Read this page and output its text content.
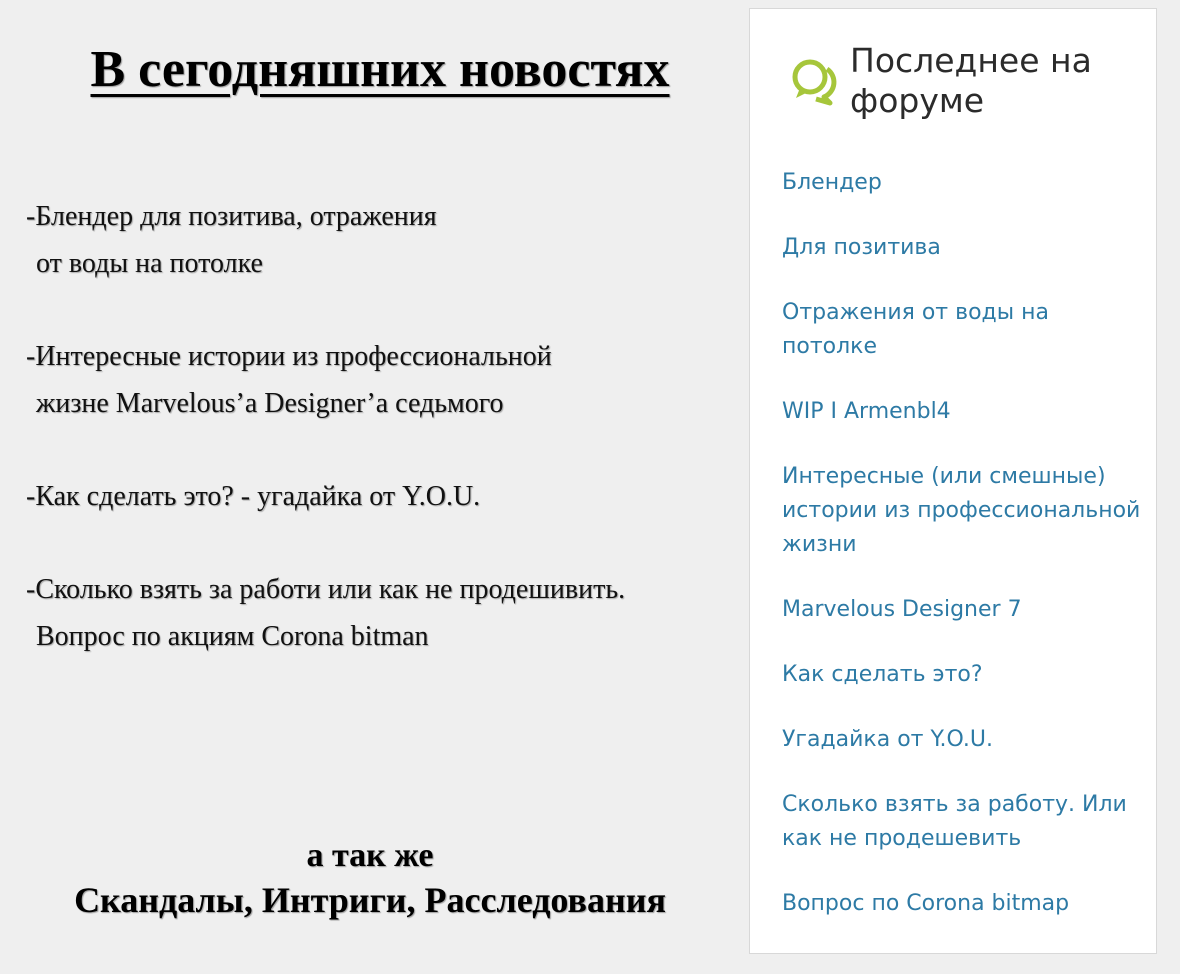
В сегодняшних новостях
-Блендер для позитива, отражения
от воды на потолке
-Интересные истории из профессиональной
жизне Marvelous’a Designer’a седьмого
-Как сделать это? - угадайка от Y.O.U.
-Сколько взять за работи или как не продешивить.
Вопрос по акциям Corona bitman
а так же
Скандалы, Интриги, Расследования
Последнее на форуме
Блендер
Для позитива
Отражения от воды на потолке
WIP I Armenbl4
Интересные (или смешные) истории из профессиональной жизни
Marvelous Designer 7
Как сделать это?
Угадайка от Y.O.U.
Сколько взять за работу. Или как не продешевить
Вопрос по Corona bitmap
